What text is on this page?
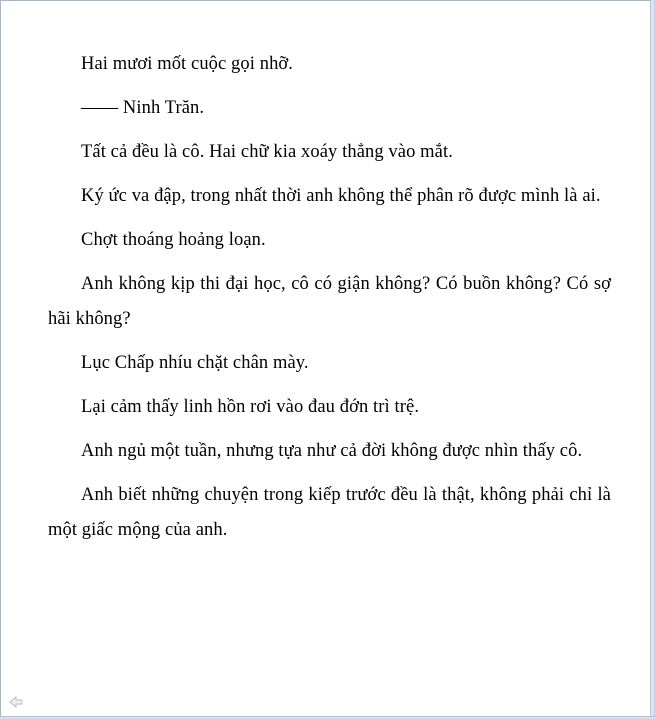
Hai mươi mốt cuộc gọi nhỡ.

—— Ninh Trăn.

Tất cả đều là cô. Hai chữ kia xoáy thẳng vào mắt.

Ký ức va đập, trong nhất thời anh không thể phân rõ được mình là ai.

Chợt thoáng hoảng loạn.

Anh không kịp thi đại học, cô có giận không? Có buồn không? Có sợ hãi không?

Lục Chấp nhíu chặt chân mày.

Lại cảm thấy linh hồn rơi vào đau đớn trì trệ.

Anh ngủ một tuần, nhưng tựa như cả đời không được nhìn thấy cô.

Anh biết những chuyện trong kiếp trước đều là thật, không phải chỉ là một giấc mộng của anh.
